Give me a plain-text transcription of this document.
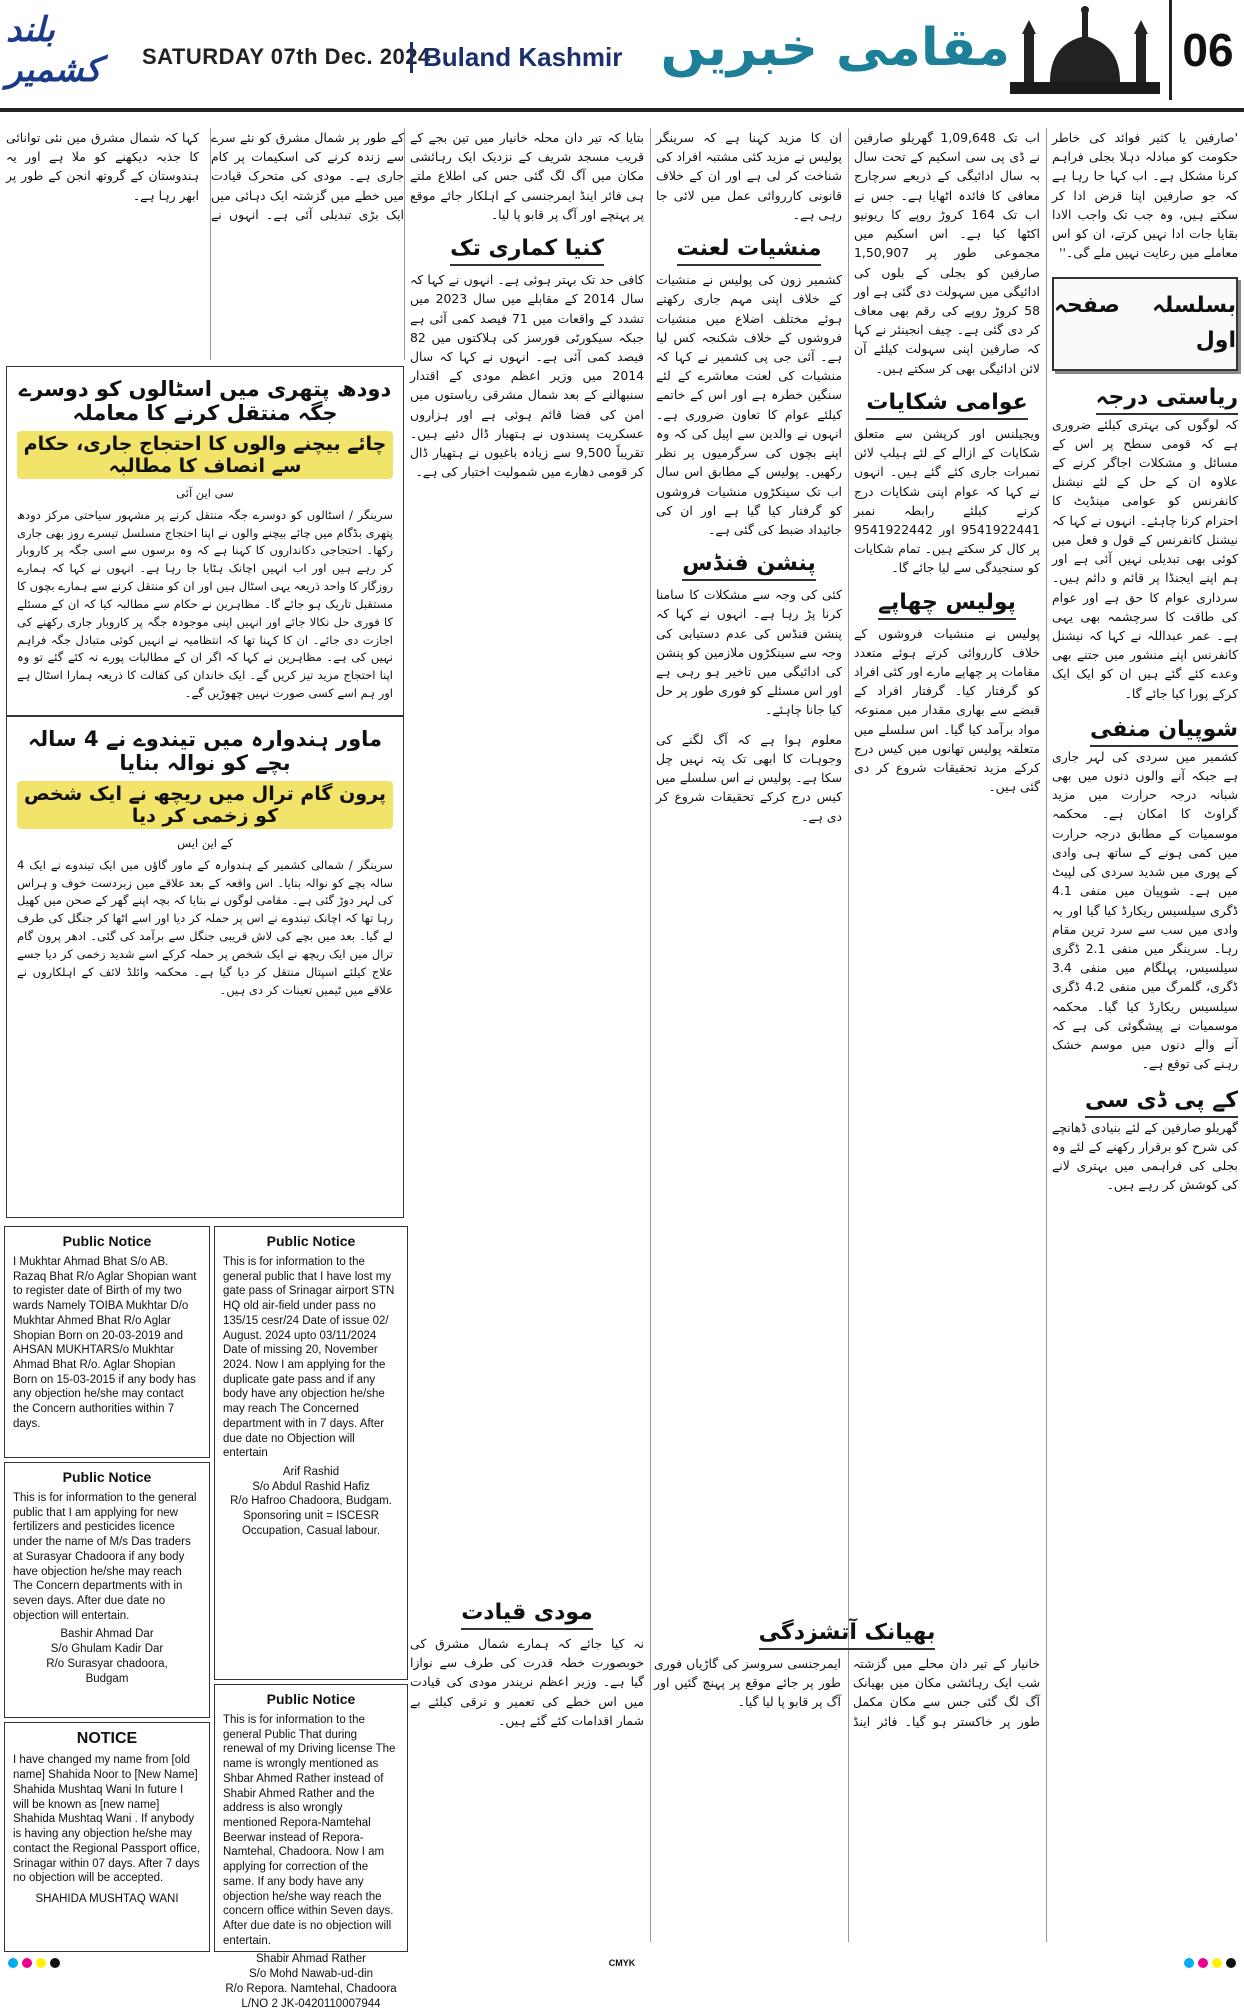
بلند کشمیر	SATURDAY 07th Dec. 2024
Buland Kashmir مقامی خبریں	06
'صارفین یا کثیر فوائد کی خاطر حکومت کو مبادلہ دہلا بجلی فراہم کرنا مشکل ہے۔ اب کہا جا رہا ہے کہ جو صارفین اپنا قرض ادا کر سکتے ہیں، وہ جب تک واجب الادا بقایا جات ادا نہیں کرتے، ان کو اس معاملے میں رعایت نہیں ملے گی۔''
بسلسلہ صفحہ اول
ریاستی درجہ
کہ لوگوں کی بہتری کیلئے ضروری ہے کہ قومی سطح پر اس کے مسائل و مشکلات اجاگر کرنے کے علاوہ ان کے حل کے لئے نیشنل کانفرنس کو عوامی مینڈیٹ کا احترام کرنا چاہئے۔ انہوں نے کہا کہ نیشنل کانفرنس کے قول و فعل میں کوئی بھی تبدیلی نہیں آئی ہے اور ہم اپنے ایجنڈا پر قائم و دائم ہیں۔ سرداری عوام کا حق ہے اور عوام کی طاقت کا سرچشمہ بھی یہی ہے۔ عمر عبداللہ نے کہا کہ نیشنل کانفرنس اپنے منشور میں جتنے بھی وعدے کئے گئے ہیں ان کو ایک ایک کرکے پورا کیا جائے گا۔
شوپیان منفی
کشمیر میں سردی کی لہر جاری ہے جبکہ آنے والوں دنوں میں بھی شبانہ درجہ حرارت میں مزید گراوٹ کا امکان ہے۔ محکمہ موسمیات کے مطابق درجہ حرارت میں کمی ہونے کے ساتھ ہی وادی کے پوری میں شدید سردی کی لپیٹ میں ہے۔ شوپیان میں منفی 4.1 ڈگری سیلسیس ریکارڈ کیا گیا اور یہ وادی میں سب سے سرد ترین مقام رہا۔ سرینگر میں منفی 2.1 ڈگری سیلسیس، پہلگام میں منفی 3.4 ڈگری، گلمرگ میں منفی 4.2 ڈگری سیلسیس ریکارڈ کیا گیا۔ محکمہ موسمیات نے پیشگوئی کی ہے کہ آنے والے دنوں میں موسم خشک رہنے کی توقع ہے۔
کے پی ڈی سی
گھریلو صارفین کے لئے بنیادی ڈھانچے کی شرح کو برقرار رکھنے کے لئے وہ بجلی کی فراہمی میں بہتری لانے کی کوشش کر رہے ہیں۔
اب تک 1,09,648 گھریلو صارفین نے ڈی پی سی اسکیم کے تحت سال بہ سال ادائیگی کے ذریعے سرچارج معافی کا فائدہ اٹھایا ہے۔ جس نے اب تک 164 کروڑ روپے کا ریونیو اکٹھا کیا ہے۔ اس اسکیم میں مجموعی طور پر 1,50,907 صارفین کو بجلی کے بلوں کی ادائیگی میں سہولت دی گئی ہے اور 58 کروڑ روپے کی رقم بھی معاف کر دی گئی ہے۔ چیف انجینئر نے کہا کہ صارفین اپنی سہولت کیلئے آن لائن ادائیگی بھی کر سکتے ہیں۔
عوامی شکایات
ویجیلنس اور کرپشن سے متعلق شکایات کے ازالے کے لئے ہیلپ لائن نمبرات جاری کئے گئے ہیں۔ انہوں نے کہا کہ عوام اپنی شکایات درج کرنے کیلئے رابطہ نمبر 9541922441 اور 9541922442 پر کال کر سکتے ہیں۔ تمام شکایات کو سنجیدگی سے لیا جائے گا۔
پولیس چھاپے
پولیس نے منشیات فروشوں کے خلاف کارروائی کرتے ہوئے متعدد مقامات پر چھاپے مارے اور کئی افراد کو گرفتار کیا۔ گرفتار افراد کے قبضے سے بھاری مقدار میں ممنوعہ مواد برآمد کیا گیا۔ اس سلسلے میں متعلقہ پولیس تھانوں میں کیس درج کرکے مزید تحقیقات شروع کر دی گئی ہیں۔
بھیانک آتشزدگی
خانیار کے تیر دان محلے میں گزشتہ شب ایک رہائشی مکان میں بھیانک آگ لگ گئی جس سے مکان مکمل طور پر خاکستر ہو گیا۔ فائر اینڈ ایمرجنسی سروسز کی گاڑیاں فوری طور پر جائے موقع پر پہنچ گئیں اور آگ پر قابو پا لیا گیا۔
ان کا مزید کہنا ہے کہ سرینگر پولیس نے مزید کئی مشتبہ افراد کی شناخت کر لی ہے اور ان کے خلاف قانونی کارروائی عمل میں لائی جا رہی ہے۔
منشیات لعنت
کشمیر زون کی پولیس نے منشیات کے خلاف اپنی مہم جاری رکھتے ہوئے مختلف اضلاع میں منشیات فروشوں کے خلاف شکنجہ کس لیا ہے۔ آئی جی پی کشمیر نے کہا کہ منشیات کی لعنت معاشرے کے لئے سنگین خطرہ ہے اور اس کے خاتمے کیلئے عوام کا تعاون ضروری ہے۔ انہوں نے والدین سے اپیل کی کہ وہ اپنے بچوں کی سرگرمیوں پر نظر رکھیں۔ پولیس کے مطابق اس سال اب تک سینکڑوں منشیات فروشوں کو گرفتار کیا گیا ہے اور ان کی جائیداد ضبط کی گئی ہے۔
پنشن فنڈس
کئی کی وجہ سے مشکلات کا سامنا کرنا پڑ رہا ہے۔ انہوں نے کہا کہ پنشن فنڈس کی عدم دستیابی کی وجہ سے سینکڑوں ملازمین کو پنشن کی ادائیگی میں تاخیر ہو رہی ہے اور اس مسئلے کو فوری طور پر حل کیا جانا چاہئے۔
معلوم ہوا ہے کہ آگ لگنے کی وجوہات کا ابھی تک پتہ نہیں چل سکا ہے۔ پولیس نے اس سلسلے میں کیس درج کرکے تحقیقات شروع کر دی ہے۔
بتایا کہ تیر دان محلہ خانیار میں تین بجے کے قریب مسجد شریف کے نزدیک ایک رہائشی مکان میں آگ لگ گئی جس کی اطلاع ملتے ہی فائر اینڈ ایمرجنسی کے اہلکار جائے موقع پر پہنچے اور آگ پر قابو پا لیا۔
کنیا کماری تک
کافی حد تک بہتر ہوئی ہے۔ انہوں نے کہا کہ سال 2014 کے مقابلے میں سال 2023 میں تشدد کے واقعات میں 71 فیصد کمی آئی ہے جبکہ سیکورٹی فورسز کی ہلاکتوں میں 82 فیصد کمی آئی ہے۔ انہوں نے کہا کہ سال 2014 میں وزیر اعظم مودی کے اقتدار سنبھالنے کے بعد شمال مشرقی ریاستوں میں امن کی فضا قائم ہوئی ہے اور ہزاروں عسکریت پسندوں نے ہتھیار ڈال دئیے ہیں۔ تقریباً 9,500 سے زیادہ باغیوں نے ہتھیار ڈال کر قومی دھارے میں شمولیت اختیار کی ہے۔
مودی قیادت
نہ کیا جائے کہ ہمارے شمال مشرق کی خوبصورت خطہ قدرت کی طرف سے نوازا گیا ہے۔ وزیر اعظم نریندر مودی کی قیادت میں اس خطے کی تعمیر و ترقی کیلئے بے شمار اقدامات کئے گئے ہیں۔
کے طور پر شمال مشرق کو نئے سرے سے زندہ کرنے کی اسکیمات پر کام جاری ہے۔ مودی کی متحرک قیادت میں خطے میں گزشتہ ایک دہائی میں ایک بڑی تبدیلی آئی ہے۔ انہوں نے کہا کہ شمال مشرق میں نئی توانائی کا جذبہ دیکھنے کو ملا ہے اور یہ ہندوستان کے گروتھ انجن کے طور پر ابھر رہا ہے۔
دودھ پتھری میں اسٹالوں کو دوسرے جگہ منتقل کرنے کا معاملہ
چائے بیچنے والوں کا احتجاج جاری، حکام سے انصاف کا مطالبہ
سی این آئی
سرینگر / اسٹالوں کو دوسرے جگہ منتقل کرنے پر مشہور سیاحتی مرکز دودھ پتھری بڈگام میں چائے بیچنے والوں نے اپنا احتجاج مسلسل تیسرے روز بھی جاری رکھا۔ احتجاجی دکانداروں کا کہنا ہے کہ وہ برسوں سے اسی جگہ پر کاروبار کر رہے ہیں اور اب انہیں اچانک ہٹایا جا رہا ہے۔ انہوں نے کہا کہ ہمارے روزگار کا واحد ذریعہ یہی اسٹال ہیں اور ان کو منتقل کرنے سے ہمارے بچوں کا مستقبل تاریک ہو جائے گا۔ مظاہرین نے حکام سے مطالبہ کیا کہ ان کے مسئلے کا فوری حل نکالا جائے اور انہیں اپنی موجودہ جگہ پر کاروبار جاری رکھنے کی اجازت دی جائے۔ ان کا کہنا تھا کہ انتظامیہ نے انہیں کوئی متبادل جگہ فراہم نہیں کی ہے۔ مظاہرین نے کہا کہ اگر ان کے مطالبات پورے نہ کئے گئے تو وہ اپنا احتجاج مزید تیز کریں گے۔ ایک خاندان کی کفالت کا ذریعہ ہمارا اسٹال ہے اور ہم اسے کسی صورت نہیں چھوڑیں گے۔
ماور ہندوارہ میں تیندوے نے 4 سالہ بچے کو نوالہ بنایا
پرون گام ترال میں ریچھ نے ایک شخص کو زخمی کر دیا
کے این ایس
سرینگر / شمالی کشمیر کے ہندوارہ کے ماور گاؤں میں ایک تیندوے نے ایک 4 سالہ بچے کو نوالہ بنایا۔ اس واقعہ کے بعد علاقے میں زبردست خوف و ہراس کی لہر دوڑ گئی ہے۔ مقامی لوگوں نے بتایا کہ بچہ اپنے گھر کے صحن میں کھیل رہا تھا کہ اچانک تیندوے نے اس پر حملہ کر دیا اور اسے اٹھا کر جنگل کی طرف لے گیا۔ بعد میں بچے کی لاش قریبی جنگل سے برآمد کی گئی۔ ادھر پرون گام ترال میں ایک ریچھ نے ایک شخص پر حملہ کرکے اسے شدید زخمی کر دیا جسے علاج کیلئے اسپتال منتقل کر دیا گیا ہے۔ محکمہ وائلڈ لائف کے اہلکاروں نے علاقے میں ٹیمیں تعینات کر دی ہیں۔
Public Notice
I Mukhtar Ahmad Bhat S/o AB. Razaq Bhat R/o Aglar Shopian want to register date of Birth of my two wards Namely TOIBA Mukhtar D/o Mukhtar Ahmed Bhat R/o Aglar Shopian Born on 20-03-2019 and AHSAN MUKHTARS/o Mukhtar Ahmad Bhat R/o. Aglar Shopian Born on 15-03-2015 if any body has any objection he/she may contact the Concern authorities within 7 days.
Public Notice
This is for information to the general public that I have lost my gate pass of Srinagar airport STN HQ old air-field under pass no 135/15 cesr/24 Date of issue 02/ August. 2024 upto 03/11/2024 Date of missing 20, November 2024. Now I am applying for the duplicate gate pass and if any body have any objection he/she may reach The Concerned department with in 7 days. After due date no Objection will entertain
Arif Rashid
S/o Abdul Rashid Hafiz
R/o Hafroo Chadoora, Budgam.
Sponsoring unit = ISCESR
Occupation, Casual labour.
Public Notice
This is for information to the general public that I am applying for new fertilizers and pesticides licence under the name of M/s Das traders at Surasyar Chadoora if any body have objection he/she may reach The Concern departments with in seven days. After due date no objection will entertain.
Bashir Ahmad Dar
S/o Ghulam Kadir Dar
R/o Surasyar chadoora,
Budgam
Public Notice
This is for information to the general Public That during renewal of my Driving license The name is wrongly mentioned as Shbar Ahmed Rather instead of Shabir Ahmed Rather and the address is also wrongly mentioned Repora-Namtehal Beerwar instead of Repora-Namtehal, Chadoora. Now I am applying for correction of the same. If any body have any objection he/she way reach the concern office within Seven days. After due date is no objection will entertain.
Shabir Ahmad Rather
S/o Mohd Nawab-ud-din
R/o Repora. Namtehal, Chadoora
L/NO 2 JK-0420110007944
NOTICE
I have changed my name from [old name] Shahida Noor to [New Name] Shahida Mushtaq Wani In future I will be known as [new name] Shahida Mushtaq Wani . If anybody is having any objection he/she may contact the Regional Passport office, Srinagar within 07 days. After 7 days no objection will be accepted.
SHAHIDA MUSHTAQ WANI
CMYK
